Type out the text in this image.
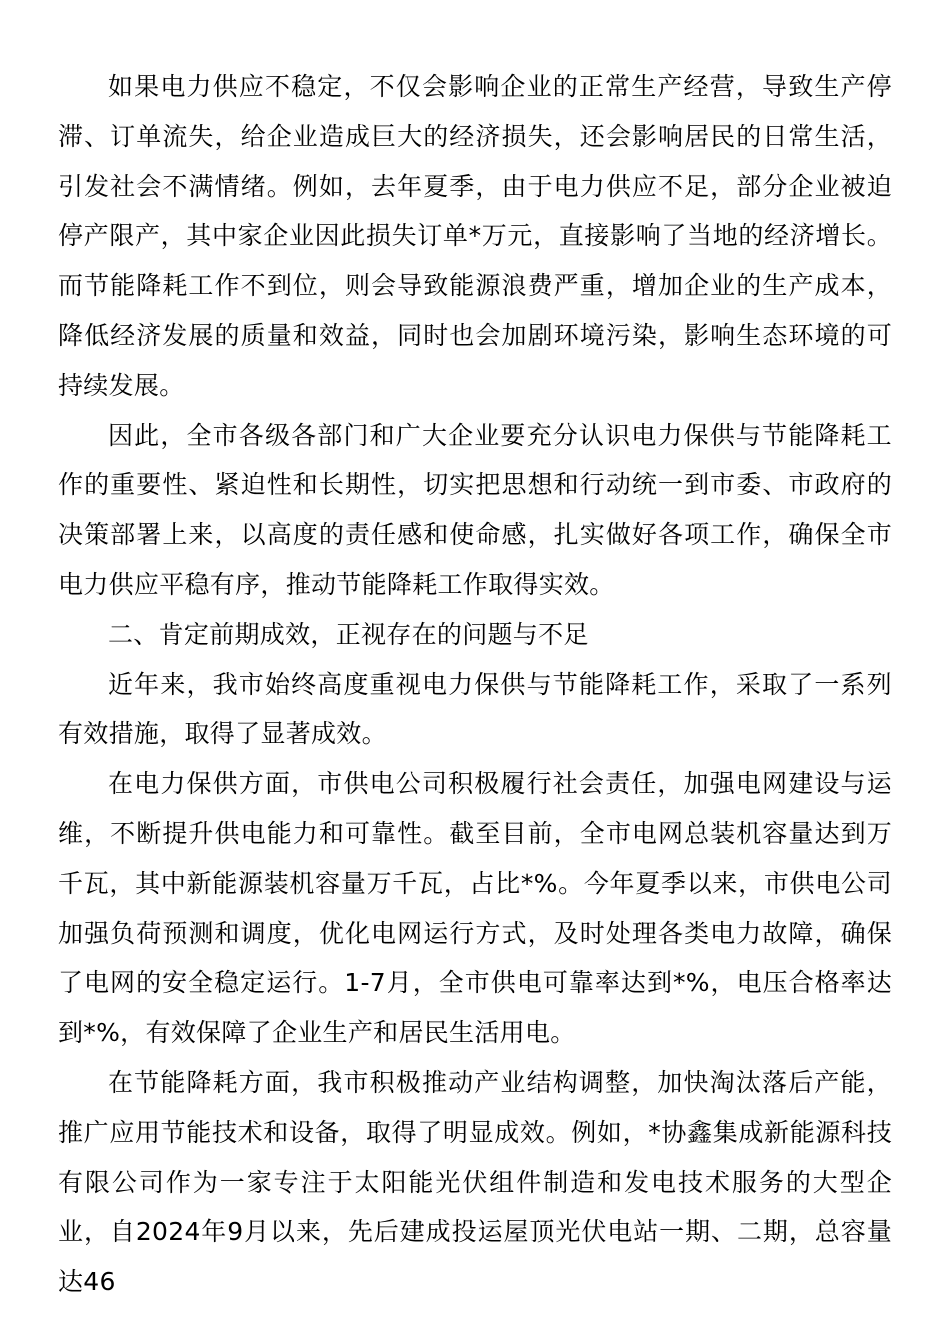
如果电力供应不稳定，不仅会影响企业的正常生产经营，导致生产停滞、订单流失，给企业造成巨大的经济损失，还会影响居民的日常生活，引发社会不满情绪。例如，去年夏季，由于电力供应不足，部分企业被迫停产限产，其中家企业因此损失订单*万元，直接影响了当地的经济增长。而节能降耗工作不到位，则会导致能源浪费严重，增加企业的生产成本，降低经济发展的质量和效益，同时也会加剧环境污染，影响生态环境的可持续发展。

因此，全市各级各部门和广大企业要充分认识电力保供与节能降耗工作的重要性、紧迫性和长期性，切实把思想和行动统一到市委、市政府的决策部署上来，以高度的责任感和使命感，扎实做好各项工作，确保全市电力供应平稳有序，推动节能降耗工作取得实效。

二、肯定前期成效，正视存在的问题与不足

近年来，我市始终高度重视电力保供与节能降耗工作，采取了一系列有效措施，取得了显著成效。

在电力保供方面，市供电公司积极履行社会责任，加强电网建设与运维，不断提升供电能力和可靠性。截至目前，全市电网总装机容量达到万千瓦，其中新能源装机容量万千瓦，占比*%。今年夏季以来，市供电公司加强负荷预测和调度，优化电网运行方式，及时处理各类电力故障，确保了电网的安全稳定运行。1-7月，全市供电可靠率达到*%，电压合格率达到*%，有效保障了企业生产和居民生活用电。

在节能降耗方面，我市积极推动产业结构调整，加快淘汰落后产能，推广应用节能技术和设备，取得了明显成效。例如，*协鑫集成新能源科技有限公司作为一家专注于太阳能光伏组件制造和发电技术服务的大型企业，自2024年9月以来，先后建成投运屋顶光伏电站一期、二期，总容量达46
